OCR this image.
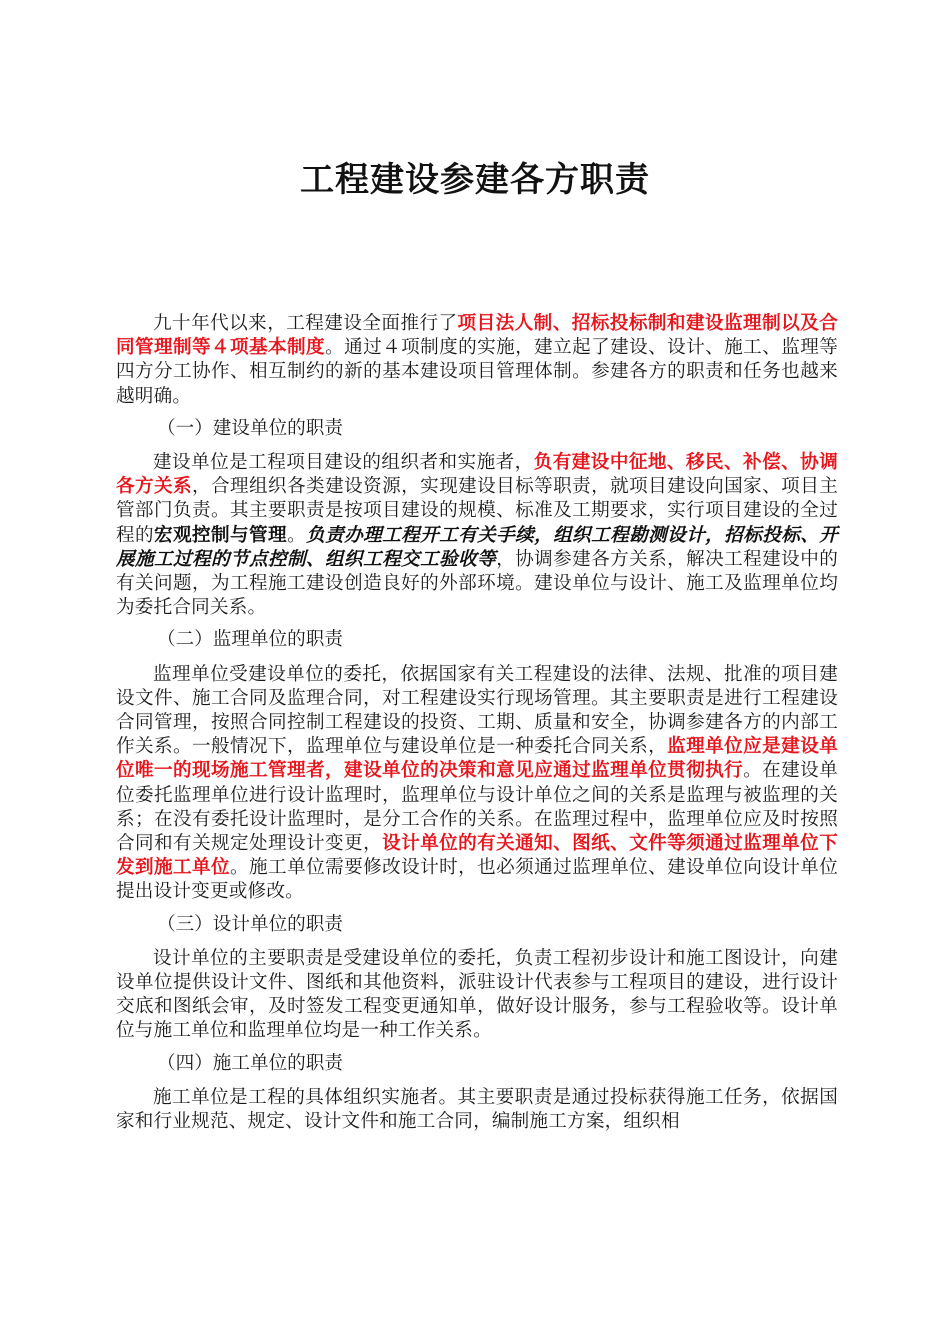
工程建设参建各方职责

九十年代以来，工程建设全面推行了项目法人制、招标投标制和建设监理制以及合同管理制等４项基本制度。通过４项制度的实施，建立起了建设、设计、施工、监理等四方分工协作、相互制约的新的基本建设项目管理体制。参建各方的职责和任务也越来越明确。

（一）建设单位的职责

建设单位是工程项目建设的组织者和实施者，负有建设中征地、移民、补偿、协调各方关系，合理组织各类建设资源，实现建设目标等职责，就项目建设向国家、项目主管部门负责。其主要职责是按项目建设的规模、标准及工期要求，实行项目建设的全过程的宏观控制与管理。负责办理工程开工有关手续，组织工程勘测设计，招标投标、开展施工过程的节点控制、组织工程交工验收等，协调参建各方关系，解决工程建设中的有关问题，为工程施工建设创造良好的外部环境。建设单位与设计、施工及监理单位均为委托合同关系。

（二）监理单位的职责

监理单位受建设单位的委托，依据国家有关工程建设的法律、法规、批准的项目建设文件、施工合同及监理合同，对工程建设实行现场管理。其主要职责是进行工程建设合同管理，按照合同控制工程建设的投资、工期、质量和安全，协调参建各方的内部工作关系。一般情况下，监理单位与建设单位是一种委托合同关系，监理单位应是建设单位唯一的现场施工管理者，建设单位的决策和意见应通过监理单位贯彻执行。在建设单位委托监理单位进行设计监理时，监理单位与设计单位之间的关系是监理与被监理的关系；在没有委托设计监理时，是分工合作的关系。在监理过程中，监理单位应及时按照合同和有关规定处理设计变更，设计单位的有关通知、图纸、文件等须通过监理单位下发到施工单位。施工单位需要修改设计时，也必须通过监理单位、建设单位向设计单位提出设计变更或修改。

（三）设计单位的职责

设计单位的主要职责是受建设单位的委托，负责工程初步设计和施工图设计，向建设单位提供设计文件、图纸和其他资料，派驻设计代表参与工程项目的建设，进行设计交底和图纸会审，及时签发工程变更通知单，做好设计服务，参与工程验收等。设计单位与施工单位和监理单位均是一种工作关系。

（四）施工单位的职责

施工单位是工程的具体组织实施者。其主要职责是通过投标获得施工任务，依据国家和行业规范、规定、设计文件和施工合同，编制施工方案，组织相
